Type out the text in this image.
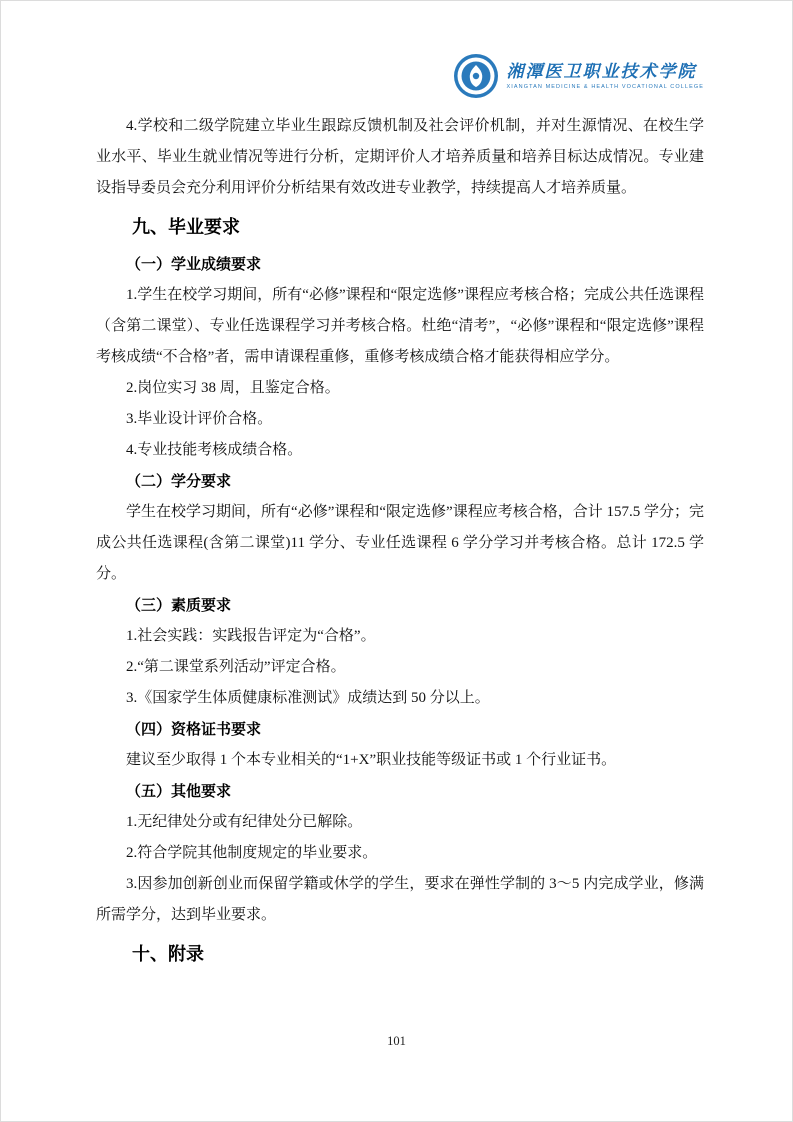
湘潭医卫职业技术学院
XIANGTAN MEDICINE & HEALTH VOCATIONAL COLLEGE

4.学校和二级学院建立毕业生跟踪反馈机制及社会评价机制，并对生源情况、在校生学业水平、毕业生就业情况等进行分析，定期评价人才培养质量和培养目标达成情况。专业建设指导委员会充分利用评价分析结果有效改进专业教学，持续提高人才培养质量。

九、毕业要求
（一）学业成绩要求

1.学生在校学习期间，所有“必修”课程和“限定选修”课程应考核合格；完成公共任选课程（含第二课堂）、专业任选课程学习并考核合格。杜绝“清考”，“必修”课程和“限定选修”课程考核成绩“不合格”者，需申请课程重修，重修考核成绩合格才能获得相应学分。

2.岗位实习 38 周，且鉴定合格。

3.毕业设计评价合格。

4.专业技能考核成绩合格。

（二）学分要求

学生在校学习期间，所有“必修”课程和“限定选修”课程应考核合格，合计 157.5 学分；完成公共任选课程(含第二课堂)11 学分、专业任选课程 6 学分学习并考核合格。总计 172.5 学分。

（三）素质要求

1.社会实践：实践报告评定为“合格”。

2.“第二课堂系列活动”评定合格。

3.《国家学生体质健康标准测试》成绩达到 50 分以上。

（四）资格证书要求

建议至少取得 1 个本专业相关的“1+X”职业技能等级证书或 1 个行业证书。

（五）其他要求

1.无纪律处分或有纪律处分已解除。

2.符合学院其他制度规定的毕业要求。

3.因参加创新创业而保留学籍或休学的学生，要求在弹性学制的 3～5 内完成学业，修满所需学分，达到毕业要求。

十、附录
101
